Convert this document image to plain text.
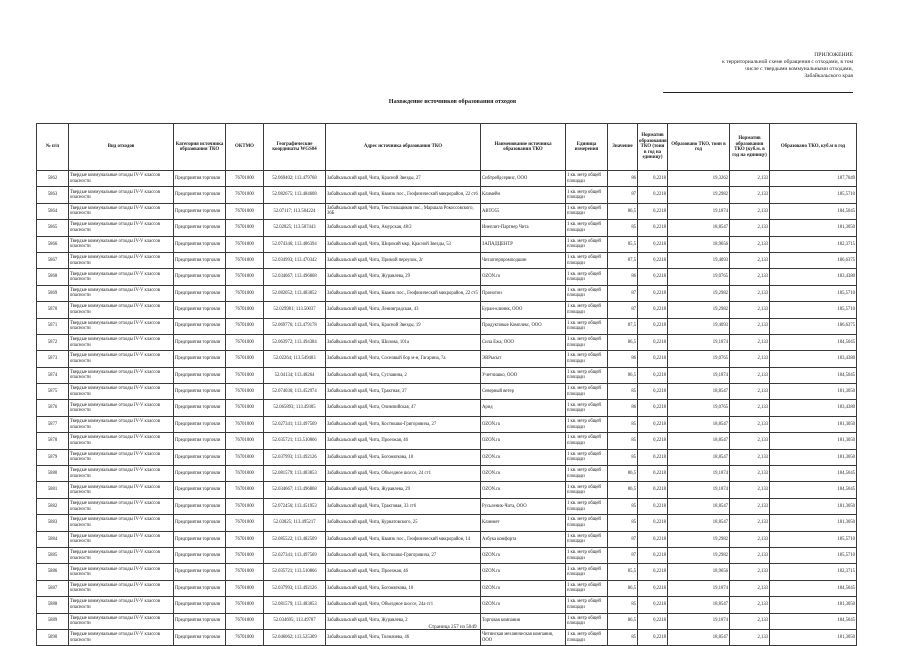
ПРИЛОЖЕНИЕ
к территориальной схеме обращения с отходами, в том
числе с твердыми коммунальными отходами,
Забайкальского края
Нахождение источников образования отходов
№ п/п	Вид отходов	Категория источника образования ТКО	ОКТМО	Географические координаты WGS84	Адрес источника образования ТКО	Наименование источника образования ТКО	Единица измерения	Значение	Норматив образования ТКО (тонн в год на единицу)	Образовано ТКО, тонн в год	Норматив образования ТКО (куб.м. в год на единицу)	Образовано ТКО, куб.м в год
5862	Твердые коммунальные отходы IV-V классов опасности	Предприятия торговли	76701000	52.069402; 113.479768	Забайкальский край, Чита, Красной Звезды, 27	Сибтрейдсервис, ООО	1 кв. метр общей площади	86	0,2218	19,3262	2,133	187,7049
5863	Твердые коммунальные отходы IV-V классов опасности	Предприятия торговли	76701000	52.082675; 113.484608	Забайкальский край, Чита, Кванзк пос., Геофизический микрорайон, 22 ст6	Климейн	1 кв. метр общей площади	87	0,2218	19,2982	2,133	185,5710
5864	Твердые коммунальные отходы IV-V классов опасности	Предприятия торговли	76701000	52.07117; 113.504224	Забайкальский край, Чита, Текстильщиков пос., Маршала Рокоссовского, 36Б	АВТО55	1 кв. метр общей площади	86,5	0,2218	19,1874	2,133	184,5045
5865	Твердые коммунальные отходы IV-V классов опасности	Предприятия торговли	76701000	52.02825; 113.507443	Забайкальский край, Чита, Амурская, 48/2	Инеплит-Партнер Чита	1 кв. метр общей площади	85	0,2218	18,8547	2,133	181,3050
5866	Твердые коммунальные отходы IV-V классов опасности	Предприятия торговли	76701000	52.074346; 113.486394	Забайкальский край, Чита, Широкий мкр, Красной Звезды, 53	ЗАПАДЦЕНТР	1 кв. метр общей площади	85,5	0,2218	18,9656	2,133	182,3715
5867	Твердые коммунальные отходы IV-V классов опасности	Предприятия торговли	76701000	52.034993; 113.470342	Забайкальский край, Чита, Примой переулок, 2г	Читаптерпромподшин	1 кв. метр общей площади	87,5	0,2218	19,4093	2,133	186,6375
5868	Твердые коммунальные отходы IV-V классов опасности	Предприятия торговли	76701000	52.034667; 113.496868	Забайкальский край, Чита, Журавлева, 29	OZON.ru	1 кв. метр общей площади	86	0,2218	19,0765	2,133	183,4380
5869	Твердые коммунальные отходы IV-V классов опасности	Предприятия торговли	76701000	52.082052; 113.483852	Забайкальский край, Чита, Кванзк пос., Геофизический микрорайон, 22 ст5	Пронотон	1 кв. метр общей площади	87	0,2218	19,2982	2,133	185,5710
5870	Твердые коммунальные отходы IV-V классов опасности	Предприятия торговли	76701000	52.029981; 113.50037	Забайкальский край, Чита, Ленинградская, 43	Буран-клиник, ООО	1 кв. метр общей площади	87	0,2218	19,2982	2,133	185,5710
5871	Твердые коммунальные отходы IV-V классов опасности	Предприятия торговли	76701000	52.069776; 113.479178	Забайкальский край, Чита, Красной Звезды, 19	Продуктовые Комплекс, ООО	1 кв. метр общей площади	87,5	0,2218	19,4093	2,133	186,6375
5872	Твердые коммунальные отходы IV-V классов опасности	Предприятия торговли	76701000	52.063972; 113.494384	Забайкальский край, Чита, Шилова, 101а	Сила Ежа, ООО	1 кв. метр общей площади	86,5	0,2218	19,1874	2,133	184,5045
5873	Твердые коммунальные отходы IV-V классов опасности	Предприятия торговли	76701000	52.02264; 113.549403	Забайкальский край, Чита, Сосновый бор м-н, Гагарина, 7а	ЭВРысыт	1 кв. метр общей площади	86	0,2218	19,0765	2,133	183,4380
5874	Твердые коммунальные отходы IV-V классов опасности	Предприятия торговли	76701000	52.04134; 113.48264	Забайкальский край, Чита, Суглавина, 2	Учетчишко, ООО	1 кв. метр общей площади	86,5	0,2218	19,1874	2,133	184,5045
5875	Твердые коммунальные отходы IV-V классов опасности	Предприятия торговли	76701000	52.074036; 113.452974	Забайкальский край, Чита, Трактная, 37	Северный ветер	1 кв. метр общей площади	85	0,2218	18,8547	2,133	181,3050
5876	Твердые коммунальные отходы IV-V классов опасности	Предприятия торговли	76701000	52.065893; 113.49305	Забайкальский край, Чита, Олимпийская, 47	Арид	1 кв. метр общей площади	86	0,2218	19,0765	2,133	183,4380
5877	Твердые коммунальные отходы IV-V классов опасности	Предприятия торговли	76701000	52.027341; 113.497569	Забайкальский край, Чита, Костюшко-Григоровича, 27	OZON.ru	1 кв. метр общей площади	85	0,2218	18,8547	2,133	181,3050
5878	Твердые коммунальные отходы IV-V классов опасности	Предприятия торговли	76701000	52.035721; 113.510866	Забайкальский край, Чита, Проезжая, 46	OZON.ru	1 кв. метр общей площади	85	0,2218	18,8547	2,133	181,3050
5879	Твердые коммунальные отходы IV-V классов опасности	Предприятия торговли	76701000	52.037993; 113.492126	Забайкальский край, Чита, Богомягкова, 10	OZON.ru	1 кв. метр общей площади	85	0,2218	18,8547	2,133	181,3050
5880	Твердые коммунальные отходы IV-V классов опасности	Предприятия торговли	76701000	52.081579; 113.483853	Забайкальский край, Чита, Объездное шоссе, 24 ст1	OZON.ru	1 кв. метр общей площади	86,5	0,2218	19,1874	2,133	184,5045
5881	Твердые коммунальные отходы IV-V классов опасности	Предприятия торговли	76701000	52.034667; 113.496868	Забайкальский край, Чита, Журавлева, 29	OZON.ru	1 кв. метр общей площади	86,5	0,2218	19,1874	2,133	184,5045
5882	Твердые коммунальные отходы IV-V классов опасности	Предприятия торговли	76701000	52.072456; 113.451953	Забайкальский край, Чита, Трактовая, 33 ст6	Русьленик-Чита, ООО	1 кв. метр общей площади	85	0,2218	18,8547	2,133	181,3050
5883	Твердые коммунальные отходы IV-V классов опасности	Предприятия торговли	76701000	52.03825; 113.495217	Забайкальский край, Чита, Курнатовского, 25	Клинмет	1 кв. метр общей площади	85	0,2218	18,8547	2,133	181,3050
5884	Твердые коммунальные отходы IV-V классов опасности	Предприятия торговли	76701000	52.085522; 113.482509	Забайкальский край, Чита, Кванзк пос., Геофизический микрорайон, 14	Азбука комфорта	1 кв. метр общей площади	87	0,2218	19,2982	2,133	185,5710
5885	Твердые коммунальные отходы IV-V классов опасности	Предприятия торговли	76701000	52.027341; 113.497569	Забайкальский край, Чита, Костюшко-Григоровича, 27	OZON.ru	1 кв. метр общей площади	87	0,2218	19,2982	2,133	185,5710
5886	Твердые коммунальные отходы IV-V классов опасности	Предприятия торговли	76701000	52.035721; 113.510866	Забайкальский край, Чита, Проезжая, 46	OZON.ru	1 кв. метр общей площади	85,5	0,2218	18,9656	2,133	182,3715
5887	Твердые коммунальные отходы IV-V классов опасности	Предприятия торговли	76701000	52.037993; 113.492126	Забайкальский край, Чита, Богомягкова, 10	OZON.ru	1 кв. метр общей площади	86,5	0,2218	19,1874	2,133	184,5045
5888	Твердые коммунальные отходы IV-V классов опасности	Предприятия торговли	76701000	52.081579; 113.483853	Забайкальский край, Чита, Объездное шоссе, 24а ст1	OZON.ru	1 кв. метр общей площади	85	0,2218	18,8547	2,133	181,3050
5889	Твердые коммунальные отходы IV-V классов опасности	Предприятия торговли	76701000	52.034695; 113.49787	Забайкальский край, Чита, Журавлева, 2	Торговая компания	1 кв. метр общей площади	86,5	0,2218	19,1874	2,133	184,5045
5890	Твердые коммунальные отходы IV-V классов опасности	Предприятия торговли	76701000	52.046062; 113.525309	Забайкальский край, Чита, Толмачева, 46	Читинская механическая компания, ООО	1 кв. метр общей площади	85	0,2218	18,8547	2,133	181,3050
Страница 257 из 5049
